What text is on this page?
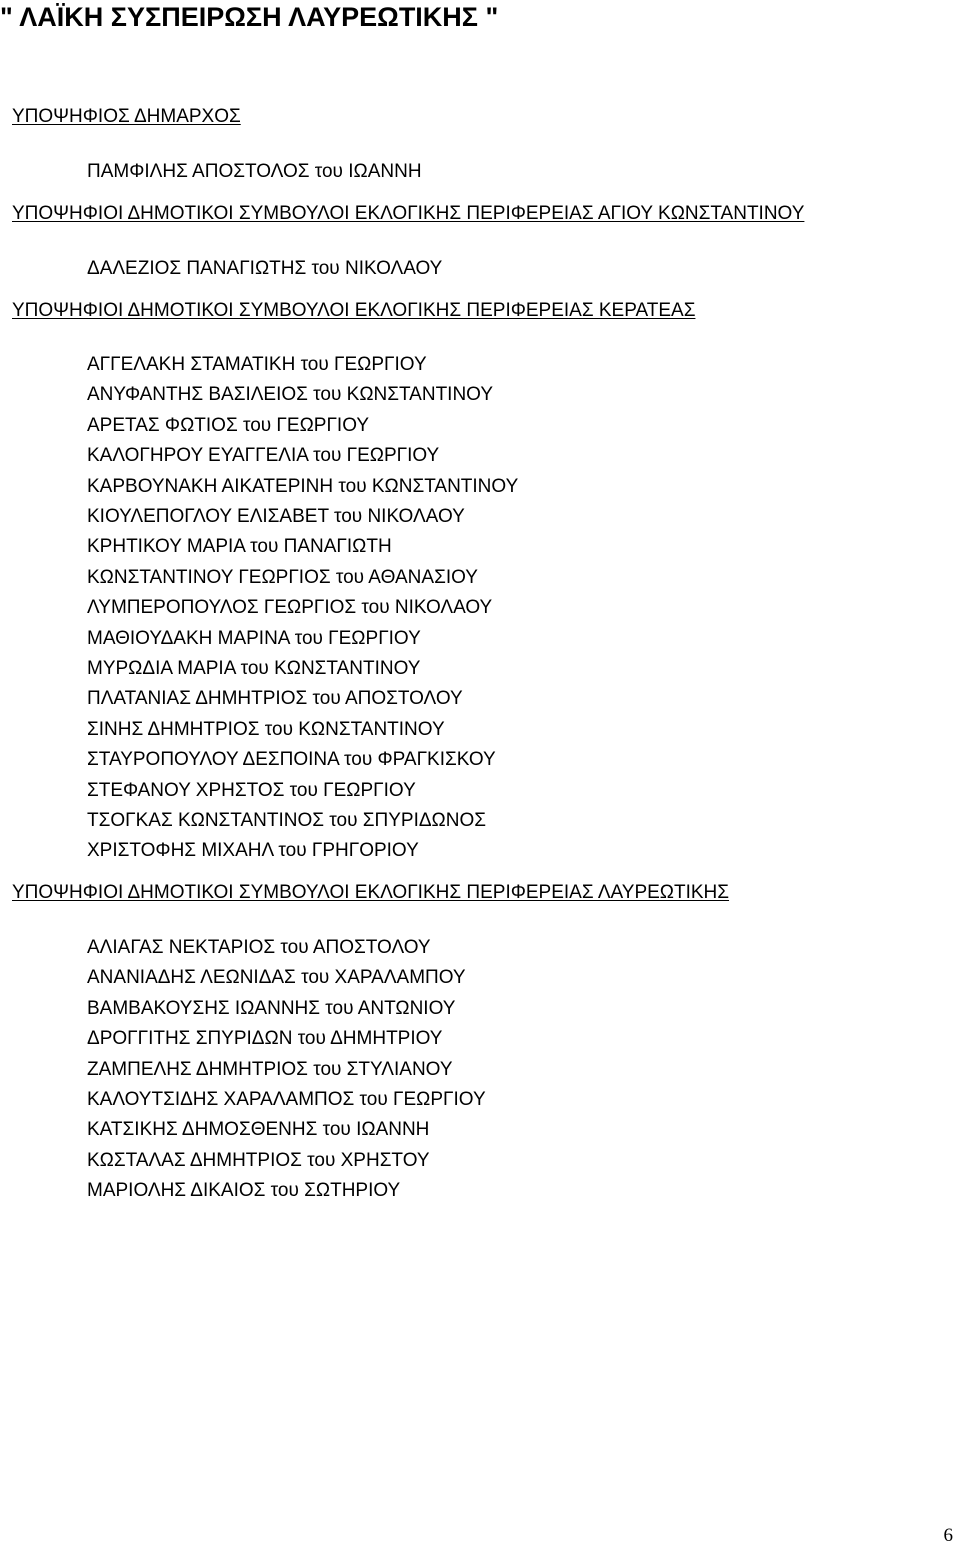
" ΛΑΪΚΗ ΣΥΣΠΕΙΡΩΣΗ ΛΑΥΡΕΩΤΙΚΗΣ "
ΥΠΟΨΗΦΙΟΣ ΔΗΜΑΡΧΟΣ
ΠΑΜΦΙΛΗΣ ΑΠΟΣΤΟΛΟΣ του ΙΩΑΝΝΗ
ΥΠΟΨΗΦΙΟΙ ΔΗΜΟΤΙΚΟΙ ΣΥΜΒΟΥΛΟΙ ΕΚΛΟΓΙΚΗΣ ΠΕΡΙΦΕΡΕΙΑΣ ΑΓΙΟΥ ΚΩΝΣΤΑΝΤΙΝΟΥ
ΔΑΛΕΖΙΟΣ ΠΑΝΑΓΙΩΤΗΣ του ΝΙΚΟΛΑΟΥ
ΥΠΟΨΗΦΙΟΙ ΔΗΜΟΤΙΚΟΙ ΣΥΜΒΟΥΛΟΙ ΕΚΛΟΓΙΚΗΣ ΠΕΡΙΦΕΡΕΙΑΣ ΚΕΡΑΤΕΑΣ
ΑΓΓΕΛΑΚΗ ΣΤΑΜΑΤΙΚΗ του ΓΕΩΡΓΙΟΥ
ΑΝΥΦΑΝΤΗΣ ΒΑΣΙΛΕΙΟΣ του ΚΩΝΣΤΑΝΤΙΝΟΥ
ΑΡΕΤΑΣ ΦΩΤΙΟΣ του ΓΕΩΡΓΙΟΥ
ΚΑΛΟΓΗΡΟΥ ΕΥΑΓΓΕΛΙΑ του ΓΕΩΡΓΙΟΥ
ΚΑΡΒΟΥΝΑΚΗ ΑΙΚΑΤΕΡΙΝΗ του ΚΩΝΣΤΑΝΤΙΝΟΥ
ΚΙΟΥΛΕΠΟΓΛΟΥ ΕΛΙΣΑΒΕΤ του ΝΙΚΟΛΑΟΥ
ΚΡΗΤΙΚΟΥ ΜΑΡΙΑ του ΠΑΝΑΓΙΩΤΗ
ΚΩΝΣΤΑΝΤΙΝΟΥ ΓΕΩΡΓΙΟΣ του ΑΘΑΝΑΣΙΟΥ
ΛΥΜΠΕΡΟΠΟΥΛΟΣ ΓΕΩΡΓΙΟΣ του ΝΙΚΟΛΑΟΥ
ΜΑΘΙΟΥΔΑΚΗ ΜΑΡΙΝΑ του ΓΕΩΡΓΙΟΥ
ΜΥΡΩΔΙΑ ΜΑΡΙΑ του ΚΩΝΣΤΑΝΤΙΝΟΥ
ΠΛΑΤΑΝΙΑΣ ΔΗΜΗΤΡΙΟΣ του ΑΠΟΣΤΟΛΟΥ
ΣΙΝΗΣ ΔΗΜΗΤΡΙΟΣ του ΚΩΝΣΤΑΝΤΙΝΟΥ
ΣΤΑΥΡΟΠΟΥΛΟΥ ΔΕΣΠΟΙΝΑ του ΦΡΑΓΚΙΣΚΟΥ
ΣΤΕΦΑΝΟΥ ΧΡΗΣΤΟΣ του ΓΕΩΡΓΙΟΥ
ΤΣΟΓΚΑΣ ΚΩΝΣΤΑΝΤΙΝΟΣ του ΣΠΥΡΙΔΩΝΟΣ
ΧΡΙΣΤΟΦΗΣ ΜΙΧΑΗΛ του ΓΡΗΓΟΡΙΟΥ
ΥΠΟΨΗΦΙΟΙ ΔΗΜΟΤΙΚΟΙ ΣΥΜΒΟΥΛΟΙ ΕΚΛΟΓΙΚΗΣ ΠΕΡΙΦΕΡΕΙΑΣ ΛΑΥΡΕΩΤΙΚΗΣ
ΑΛΙΑΓΑΣ ΝΕΚΤΑΡΙΟΣ του ΑΠΟΣΤΟΛΟΥ
ΑΝΑΝΙΑΔΗΣ ΛΕΩΝΙΔΑΣ του ΧΑΡΑΛΑΜΠΟΥ
ΒΑΜΒΑΚΟΥΣΗΣ ΙΩΑΝΝΗΣ του ΑΝΤΩΝΙΟΥ
ΔΡΟΓΓΙΤΗΣ ΣΠΥΡΙΔΩΝ του ΔΗΜΗΤΡΙΟΥ
ΖΑΜΠΕΛΗΣ ΔΗΜΗΤΡΙΟΣ του ΣΤΥΛΙΑΝΟΥ
ΚΑΛΟΥΤΣΙΔΗΣ ΧΑΡΑΛΑΜΠΟΣ του ΓΕΩΡΓΙΟΥ
ΚΑΤΣΙΚΗΣ ΔΗΜΟΣΘΕΝΗΣ του ΙΩΑΝΝΗ
ΚΩΣΤΑΛΑΣ ΔΗΜΗΤΡΙΟΣ του ΧΡΗΣΤΟΥ
ΜΑΡΙΟΛΗΣ ΔΙΚΑΙΟΣ του ΣΩΤΗΡΙΟΥ
6
